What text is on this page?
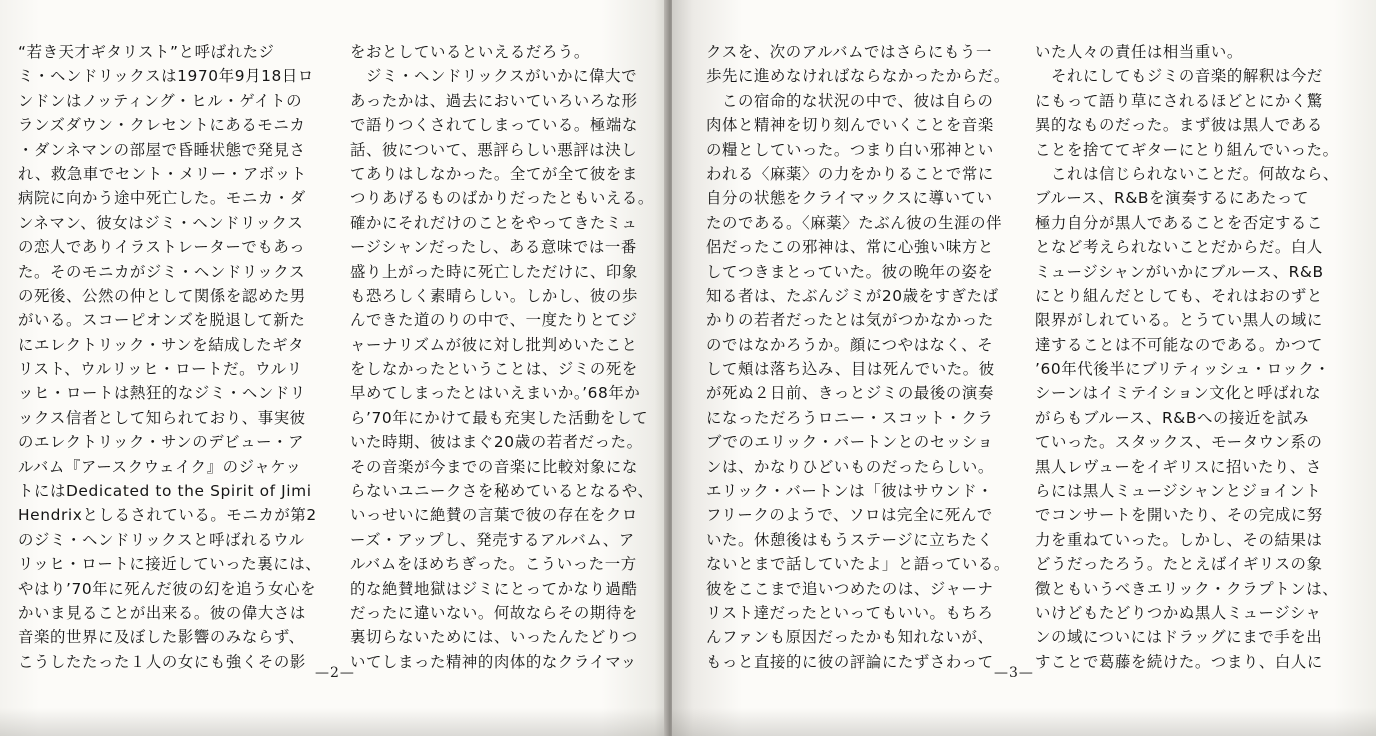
“若き天才ギタリスト”と呼ばれたジ
ミ・ヘンドリックスは1970年9月18日ロ
ンドンはノッティング・ヒル・ゲイトの
ランズダウン・クレセントにあるモニカ
・ダンネマンの部屋で昏睡状態で発見さ
れ、救急車でセント・メリー・アボット
病院に向かう途中死亡した。モニカ・ダ
ンネマン、彼女はジミ・ヘンドリックス
の恋人でありイラストレーターでもあっ
た。そのモニカがジミ・ヘンドリックス
の死後、公然の仲として関係を認めた男
がいる。スコーピオンズを脱退して新た
にエレクトリック・サンを結成したギタ
リスト、ウルリッヒ・ロートだ。ウルリ
ッヒ・ロートは熱狂的なジミ・ヘンドリ
ックス信者として知られており、事実彼
のエレクトリック・サンのデビュー・ア
ルバム『アースクウェイク』のジャケッ
トにはDedicated to the Spirit of Jimi
Hendrixとしるされている。モニカが第2
のジミ・ヘンドリックスと呼ばれるウル
リッヒ・ロートに接近していった裏には、
やはり’70年に死んだ彼の幻を追う女心を
かいま見ることが出来る。彼の偉大さは
音楽的世界に及ぼした影響のみならず、
こうしたたった１人の女にも強くその影
をおとしているといえるだろう。
　ジミ・ヘンドリックスがいかに偉大で
あったかは、過去においていろいろな形
で語りつくされてしまっている。極端な
話、彼について、悪評らしい悪評は決し
てありはしなかった。全てが全て彼をま
つりあげるものばかりだったともいえる。
確かにそれだけのことをやってきたミュ
ージシャンだったし、ある意味では一番
盛り上がった時に死亡しただけに、印象
も恐ろしく素晴らしい。しかし、彼の歩
んできた道のりの中で、一度たりとてジ
ャーナリズムが彼に対し批判めいたこと
をしなかったということは、ジミの死を
早めてしまったとはいえまいか。’68年か
ら’70年にかけて最も充実した活動をして
いた時期、彼はまぐ20歳の若者だった。
その音楽が今までの音楽に比較対象にな
らないユニークさを秘めているとなるや、
いっせいに絶賛の言葉で彼の存在をクロ
ーズ・アップし、発売するアルバム、ア
ルバムをほめちぎった。こういった一方
的な絶賛地獄はジミにとってかなり過酷
だったに違いない。何故ならその期待を
裏切らないためには、いったんたどりつ
いてしまった精神的肉体的なクライマッ
—2—
クスを、次のアルバムではさらにもう一
歩先に進めなければならなかったからだ。
　この宿命的な状況の中で、彼は自らの
肉体と精神を切り刻んでいくことを音楽
の糧としていった。つまり白い邪神とい
われる〈麻薬〉の力をかりることで常に
自分の状態をクライマックスに導いてい
たのである。〈麻薬〉たぶん彼の生涯の伴
侶だったこの邪神は、常に心強い味方と
してつきまとっていた。彼の晩年の姿を
知る者は、たぶんジミが20歳をすぎたば
かりの若者だったとは気がつかなかった
のではなかろうか。顔につやはなく、そ
して頰は落ち込み、目は死んでいた。彼
が死ぬ２日前、きっとジミの最後の演奏
になっただろうロニー・スコット・クラ
ブでのエリック・バートンとのセッショ
ンは、かなりひどいものだったらしい。
エリック・バートンは「彼はサウンド・
フリークのようで、ソロは完全に死んで
いた。休憩後はもうステージに立ちたく
ないとまで話していたよ」と語っている。
彼をここまで追いつめたのは、ジャーナ
リスト達だったといってもいい。もちろ
んファンも原因だったかも知れないが、
もっと直接的に彼の評論にたずさわって
いた人々の責任は相当重い。
　それにしてもジミの音楽的解釈は今だ
にもって語り草にされるほどとにかく驚
異的なものだった。まず彼は黒人である
ことを捨ててギターにとり組んでいった。
　これは信じられないことだ。何故なら、
ブルース、R&Bを演奏するにあたって
極力自分が黒人であることを否定するこ
となど考えられないことだからだ。白人
ミュージシャンがいかにブルース、R&B
にとり組んだとしても、それはおのずと
限界がしれている。とうてい黒人の域に
達することは不可能なのである。かつて
’60年代後半にブリティッシュ・ロック・
シーンはイミテイション文化と呼ばれな
がらもブルース、R&Bへの接近を試み
ていった。スタックス、モータウン系の
黒人レヴューをイギリスに招いたり、さ
らには黒人ミュージシャンとジョイント
でコンサートを開いたり、その完成に努
力を重ねていった。しかし、その結果は
どうだったろう。たとえばイギリスの象
徴ともいうべきエリック・クラプトンは、
いけどもたどりつかぬ黒人ミュージシャ
ンの域についにはドラッグにまで手を出
すことで葛藤を続けた。つまり、白人に
—3—
